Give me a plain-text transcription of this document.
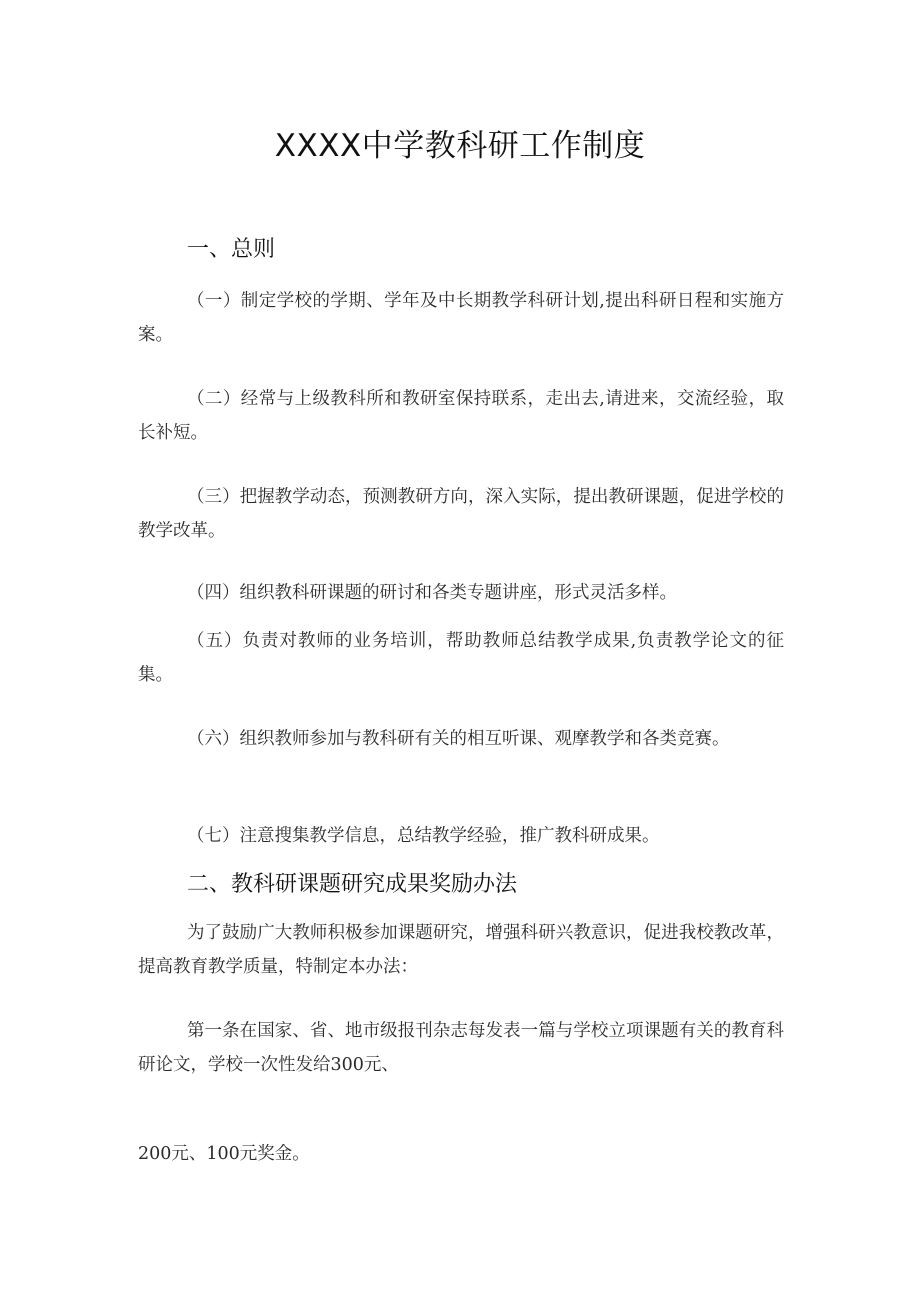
XXXX中学教科研工作制度
一、总则
（一）制定学校的学期、学年及中长期教学科研计划,提出科研日程和实施方案。
（二）经常与上级教科所和教研室保持联系，走出去,请进来，交流经验，取长补短。
（三）把握教学动态，预测教研方向，深入实际，提出教研课题，促进学校的教学改革。
（四）组织教科研课题的研讨和各类专题讲座，形式灵活多样。
（五）负责对教师的业务培训，帮助教师总结教学成果,负责教学论文的征集。
（六）组织教师参加与教科研有关的相互听课、观摩教学和各类竞赛。
（七）注意搜集教学信息，总结教学经验，推广教科研成果。
二、教科研课题研究成果奖励办法
为了鼓励广大教师积极参加课题研究，增强科研兴教意识，促进我校教改革，提高教育教学质量，特制定本办法：
第一条在国家、省、地市级报刊杂志每发表一篇与学校立项课题有关的教育科研论文，学校一次性发给300元、
200元、100元奖金。
